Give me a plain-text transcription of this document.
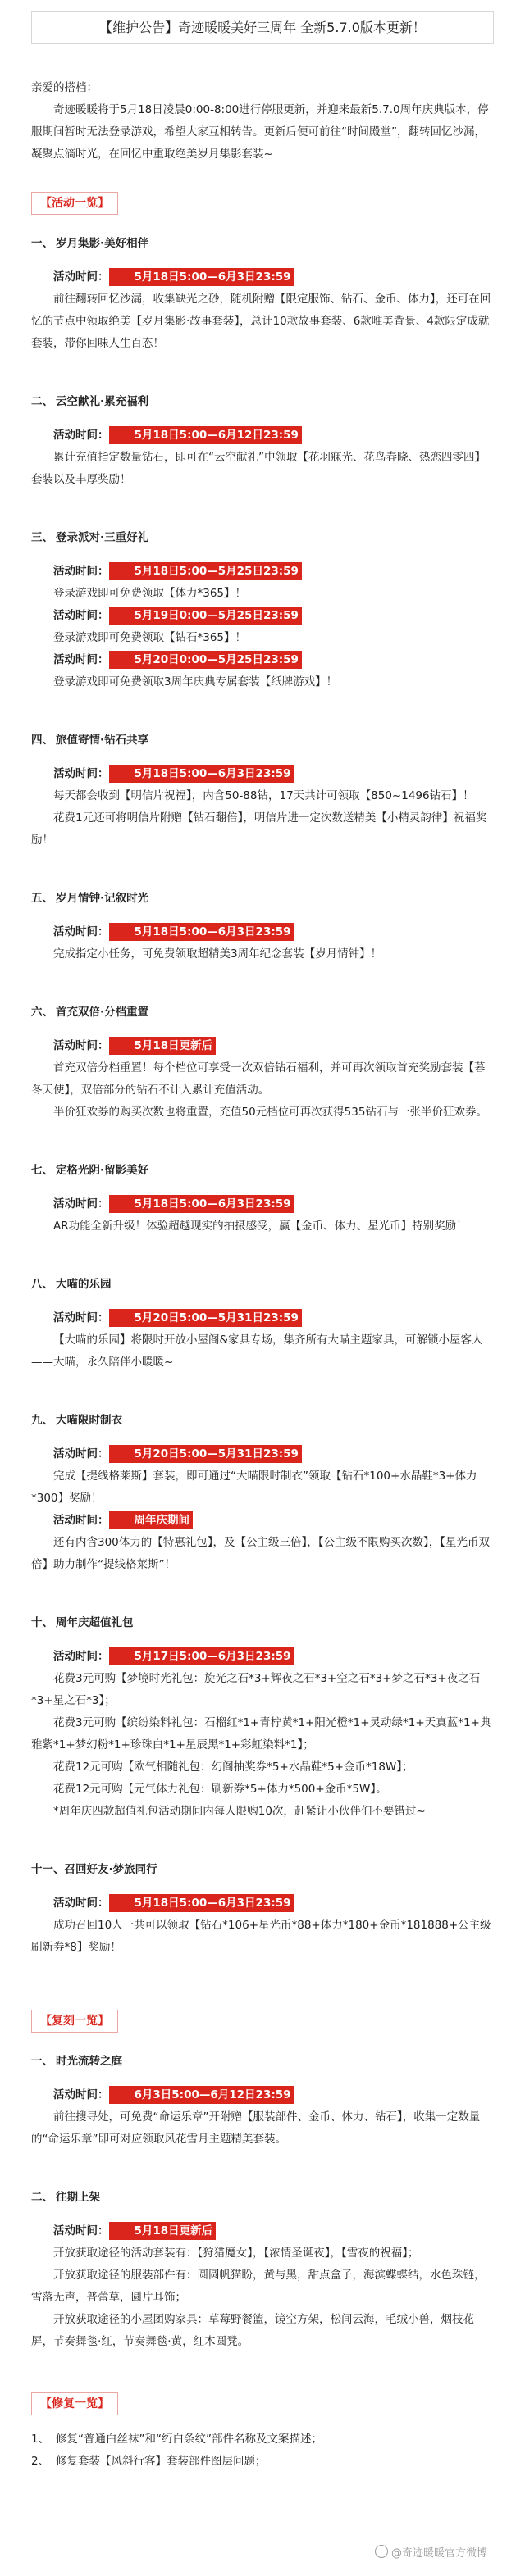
【维护公告】奇迹暖暖美好三周年 全新5.7.0版本更新！

亲爱的搭档：

奇迹暖暖将于5月18日凌晨0:00-8:00进行停服更新，并迎来最新5.7.0周年庆典版本，停服期间暂时无法登录游戏，希望大家互相转告。更新后便可前往“时间殿堂”，翻转回忆沙漏，凝聚点滴时光，在回忆中重取绝美岁月集影套装~

【活动一览】

一、 岁月集影·美好相伴

活动时间： 5月18日5:00—6月3日23:59

前往翻转回忆沙漏，收集缺光之砂，随机附赠【限定服饰、钻石、金币、体力】，还可在回忆的节点中领取绝美【岁月集影·故事套装】，总计10款故事套装、6款唯美背景、4款限定成就套装，带你回味人生百态！

二、 云空献礼·累充福利

活动时间： 5月18日5:00—6月12日23:59

累计充值指定数量钻石，即可在“云空献礼”中领取【花羽寐光、花鸟春晓、热恋四零四】套装以及丰厚奖励！

三、 登录派对·三重好礼

活动时间： 5月18日5:00—5月25日23:59

登录游戏即可免费领取【体力*365】！

活动时间： 5月19日0:00—5月25日23:59

登录游戏即可免费领取【钻石*365】！

活动时间： 5月20日0:00—5月25日23:59

登录游戏即可免费领取3周年庆典专属套装【纸牌游戏】！

四、 旅值寄情·钻石共享

活动时间： 5月18日5:00—6月3日23:59

每天都会收到【明信片祝福】，内含50-88钻，17天共计可领取【850~1496钻石】！

花费1元还可将明信片附赠【钻石翻倍】，明信片进一定次数送精美【小精灵韵律】祝福奖励！

五、 岁月情钟·记叙时光

活动时间： 5月18日5:00—6月3日23:59

完成指定小任务，可免费领取超精美3周年纪念套装【岁月情钟】！

六、 首充双倍·分档重置

活动时间： 5月18日更新后

首充双倍分档重置！每个档位可享受一次双倍钻石福利，并可再次领取首充奖励套装【暮冬天使】，双倍部分的钻石不计入累计充值活动。

半价狂欢券的购买次数也将重置，充值50元档位可再次获得535钻石与一张半价狂欢券。

七、 定格光阴·留影美好

活动时间： 5月18日5:00—6月3日23:59

AR功能全新升级！体验超越现实的拍摄感受，赢【金币、体力、星光币】特别奖励！

八、 大喵的乐园

活动时间： 5月20日5:00—5月31日23:59

【大喵的乐园】将限时开放小屋阁&家具专场，集齐所有大喵主题家具，可解锁小屋客人——大喵，永久陪伴小暖暖~

九、 大喵限时制衣

活动时间： 5月20日5:00—5月31日23:59

完成【提线格莱斯】套装，即可通过“大喵限时制衣”领取【钻石*100+水晶鞋*3+体力*300】奖励！

活动时间： 周年庆期间

还有内含300体力的【特惠礼包】，及【公主级三倍】，【公主级不限购买次数】，【星光币双倍】助力制作“提线格莱斯”！

十、 周年庆超值礼包

活动时间： 5月17日5:00—6月3日23:59

花费3元可购【梦境时光礼包：旋光之石*3+辉夜之石*3+空之石*3+梦之石*3+夜之石*3+星之石*3】；

花费3元可购【缤纷染料礼包：石榴红*1+青柠黄*1+阳光橙*1+灵动绿*1+天真蓝*1+典雅紫*1+梦幻粉*1+珍珠白*1+星辰黑*1+彩虹染料*1】；

花费12元可购【欧气相随礼包：幻阁抽奖券*5+水晶鞋*5+金币*18W】；

花费12元可购【元气体力礼包：刷新券*5+体力*500+金币*5W】。

*周年庆四款超值礼包活动期间内每人限购10次，赶紧让小伙伴们不要错过~

十一、召回好友·梦旅同行

活动时间： 5月18日5:00—6月3日23:59

成功召回10人一共可以领取【钻石*106+星光币*88+体力*180+金币*181888+公主级刷新券*8】奖励！

【复刻一览】

一、 时光流转之庭

活动时间： 6月3日5:00—6月12日23:59

前往搜寻处，可免费“命运乐章”开附赠【服装部件、金币、体力、钻石】，收集一定数量的“命运乐章”即可对应领取风花雪月主题精美套装。

二、 往期上架

活动时间： 5月18日更新后

开放获取途径的活动套装有：【狩猎魔女】，【浓情圣诞夜】，【雪夜的祝福】；

开放获取途径的服装部件有：圆圆帆猫盼，黄与黑，甜点盒子，海滨蝶蝶结，水色珠链，雪落无声，普蕾草，圆片耳饰；

开放获取途径的小屋团购家具：草莓野餐篮，镜空方架，松间云海，毛绒小兽，烟枝花屏，节奏舞毯·红，节奏舞毯·黄，红木圆凳。

【修复一览】
1、 修复“普通白丝袜”和“绗白条纹”部件名称及文案描述；
2、 修复套装【风斜行客】套装部件图层问题；
@奇迹暖暖官方微博
